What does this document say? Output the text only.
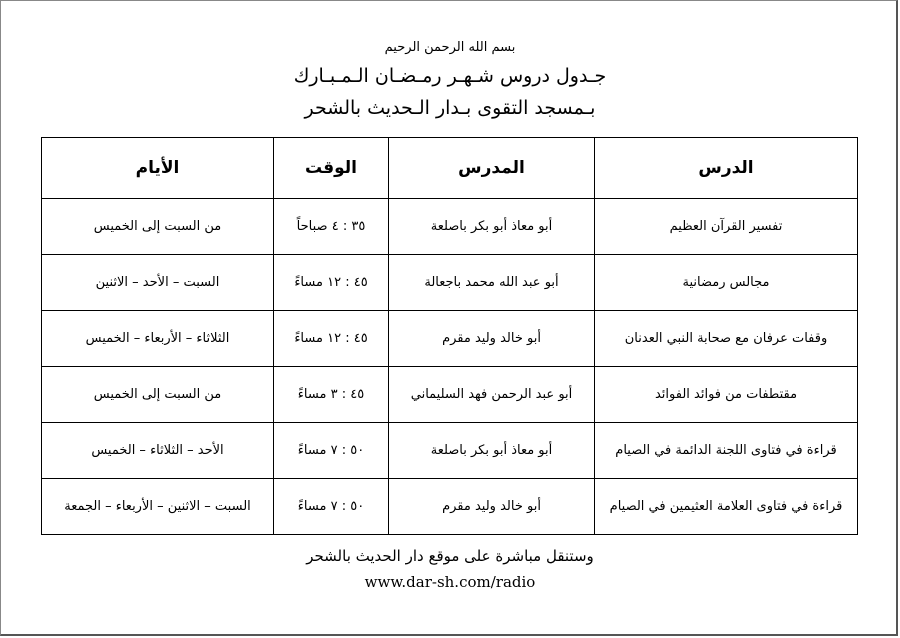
بسم الله الرحمن الرحيم
جـدول دروس شـهـر رمـضـان الـمـبـارك
بـمسجد التقوى بـدار الـحديث بالشحر
الدرس	المدرس	الوقت	الأيام
تفسير القرآن العظيم	أبو معاذ أبو بكر باصلعة	٣٥ : ٤ صباحاً	من السبت إلى الخميس
مجالس رمضانية	أبو عبد الله محمد باجعالة	٤٥ : ١٢ مساءً	السبت – الأحد – الاثنين
وقفات عرفان مع صحابة النبي العدنان	أبو خالد وليد مقرم	٤٥ : ١٢ مساءً	الثلاثاء – الأربعاء – الخميس
مقتطفات من فوائد الفوائد	أبو عبد الرحمن فهد السليماني	٤٥ : ٣ مساءً	من السبت إلى الخميس
قراءة في فتاوى اللجنة الدائمة في الصيام	أبو معاذ أبو بكر باصلعة	٥٠ : ٧ مساءً	الأحد – الثلاثاء – الخميس
قراءة في فتاوى العلامة العثيمين في الصيام	أبو خالد وليد مقرم	٥٠ : ٧ مساءً	السبت – الاثنين – الأربعاء – الجمعة
وستنقل مباشرة على موقع دار الحديث بالشحر
www.dar-sh.com/radio
